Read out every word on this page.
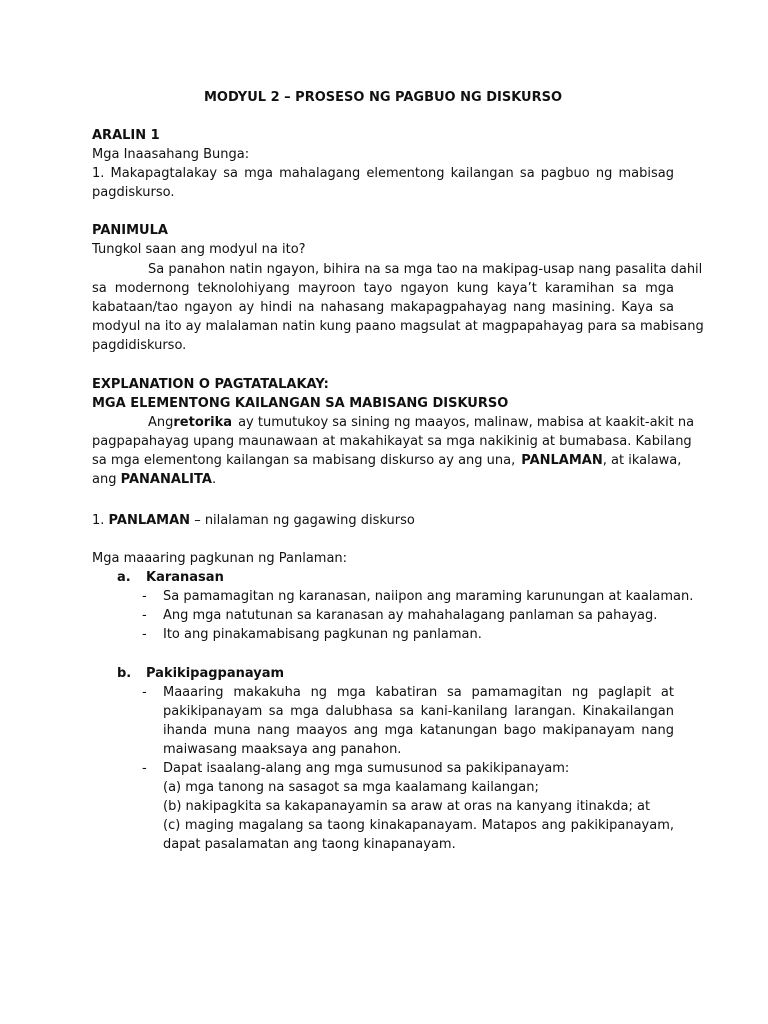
MODYUL 2 – PROSESO NG PAGBUO NG DISKURSO
ARALIN 1
Mga Inaasahang Bunga:
1. Makapagtalakay sa mga mahalagang elementong kailangan sa pagbuo ng mabisag
pagdiskurso.
PANIMULA
Tungkol saan ang modyul na ito?
Sa panahon natin ngayon, bihira na sa mga tao na makipag-usap nang pasalita dahil
sa modernong teknolohiyang mayroon tayo ngayon kung kaya’t karamihan sa mga
kabataan/tao ngayon ay hindi na nahasang makapagpahayag nang masining. Kaya sa
modyul na ito ay malalaman natin kung paano magsulat at magpapahayag para sa mabisang
pagdidiskurso.
EXPLANATION O PAGTATALAKAY:
MGA ELEMENTONG KAILANGAN SA MABISANG DISKURSO
Ang retorika ay tumutukoy sa sining ng maayos, malinaw, mabisa at kaakit-akit na
pagpapahayag upang maunawaan at makahikayat sa mga nakikinig at bumabasa. Kabilang
sa mga elementong kailangan sa mabisang diskurso ay ang una, PANLAMAN , at ikalawa,
ang PANANALITA.
1. PANLAMAN – nilalaman ng gagawing diskurso
Mga maaaring pagkunan ng Panlaman:
a. Karanasan
- Sa pamamagitan ng karanasan, naiipon ang maraming karunungan at kaalaman.
- Ang mga natutunan sa karanasan ay mahahalagang panlaman sa pahayag.
- Ito ang pinakamabisang pagkunan ng panlaman.
b. Pakikipagpanayam
- Maaaring makakuha ng mga kabatiran sa pamamagitan ng paglapit at
pakikipanayam sa mga dalubhasa sa kani-kanilang larangan. Kinakailangan
ihanda muna nang maayos ang mga katanungan bago makipanayam nang
maiwasang maaksaya ang panahon.
- Dapat isaalang-alang ang mga sumusunod sa pakikipanayam:
(a) mga tanong na sasagot sa mga kaalamang kailangan;
(b) nakipagkita sa kakapanayamin sa araw at oras na kanyang itinakda; at
(c) maging magalang sa taong kinakapanayam. Matapos ang pakikipanayam,
dapat pasalamatan ang taong kinapanayam.
